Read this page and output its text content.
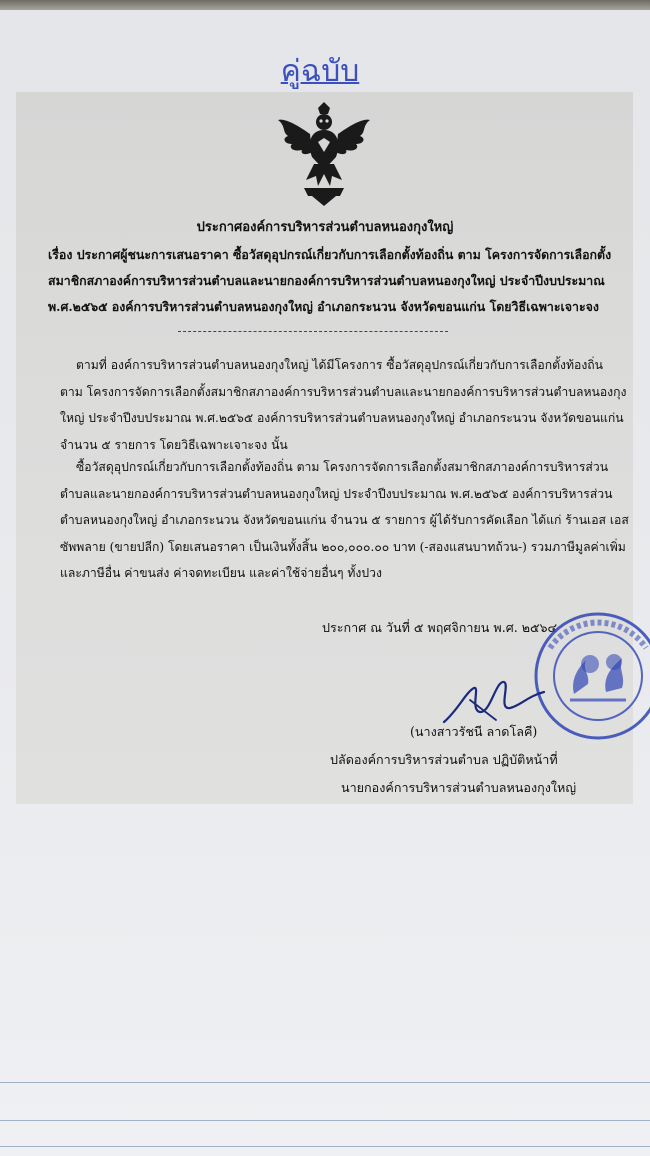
คู่ฉบับ
ประกาศองค์การบริหารส่วนตำบลหนองกุงใหญ่
เรื่อง ประกาศผู้ชนะการเสนอราคา ซื้อวัสดุอุปกรณ์เกี่ยวกับการเลือกตั้งท้องถิ่น ตาม โครงการจัดการเลือกตั้ง
สมาชิกสภาองค์การบริหารส่วนตำบลและนายกองค์การบริหารส่วนตำบลหนองกุงใหญ่ ประจำปีงบประมาณ
พ.ศ.๒๕๖๕ องค์การบริหารส่วนตำบลหนองกุงใหญ่ อำเภอกระนวน จังหวัดขอนแก่น โดยวิธีเฉพาะเจาะจง
ตามที่ องค์การบริหารส่วนตำบลหนองกุงใหญ่ ได้มีโครงการ ซื้อวัสดุอุปกรณ์เกี่ยวกับการเลือกตั้งท้องถิ่น
ตาม โครงการจัดการเลือกตั้งสมาชิกสภาองค์การบริหารส่วนตำบลและนายกองค์การบริหารส่วนตำบลหนองกุง
ใหญ่ ประจำปีงบประมาณ พ.ศ.๒๕๖๕ องค์การบริหารส่วนตำบลหนองกุงใหญ่ อำเภอกระนวน จังหวัดขอนแก่น
จำนวน ๕ รายการ โดยวิธีเฉพาะเจาะจง นั้น
ซื้อวัสดุอุปกรณ์เกี่ยวกับการเลือกตั้งท้องถิ่น ตาม โครงการจัดการเลือกตั้งสมาชิกสภาองค์การบริหารส่วน
ตำบลและนายกองค์การบริหารส่วนตำบลหนองกุงใหญ่ ประจำปีงบประมาณ พ.ศ.๒๕๖๕ องค์การบริหารส่วน
ตำบลหนองกุงใหญ่ อำเภอกระนวน จังหวัดขอนแก่น จำนวน ๕ รายการ ผู้ได้รับการคัดเลือก ได้แก่ ร้านเอส เอส
ซัพพลาย (ขายปลีก) โดยเสนอราคา เป็นเงินทั้งสิ้น ๒๐๐,๐๐๐.๐๐ บาท (-สองแสนบาทถ้วน-) รวมภาษีมูลค่าเพิ่ม
และภาษีอื่น ค่าขนส่ง ค่าจดทะเบียน และค่าใช้จ่ายอื่นๆ ทั้งปวง
ประกาศ ณ วันที่ ๕ พฤศจิกายน พ.ศ. ๒๕๖๔
(นางสาวรัชนี ลาดโลคี)
ปลัดองค์การบริหารส่วนตำบล ปฏิบัติหน้าที่
นายกองค์การบริหารส่วนตำบลหนองกุงใหญ่
